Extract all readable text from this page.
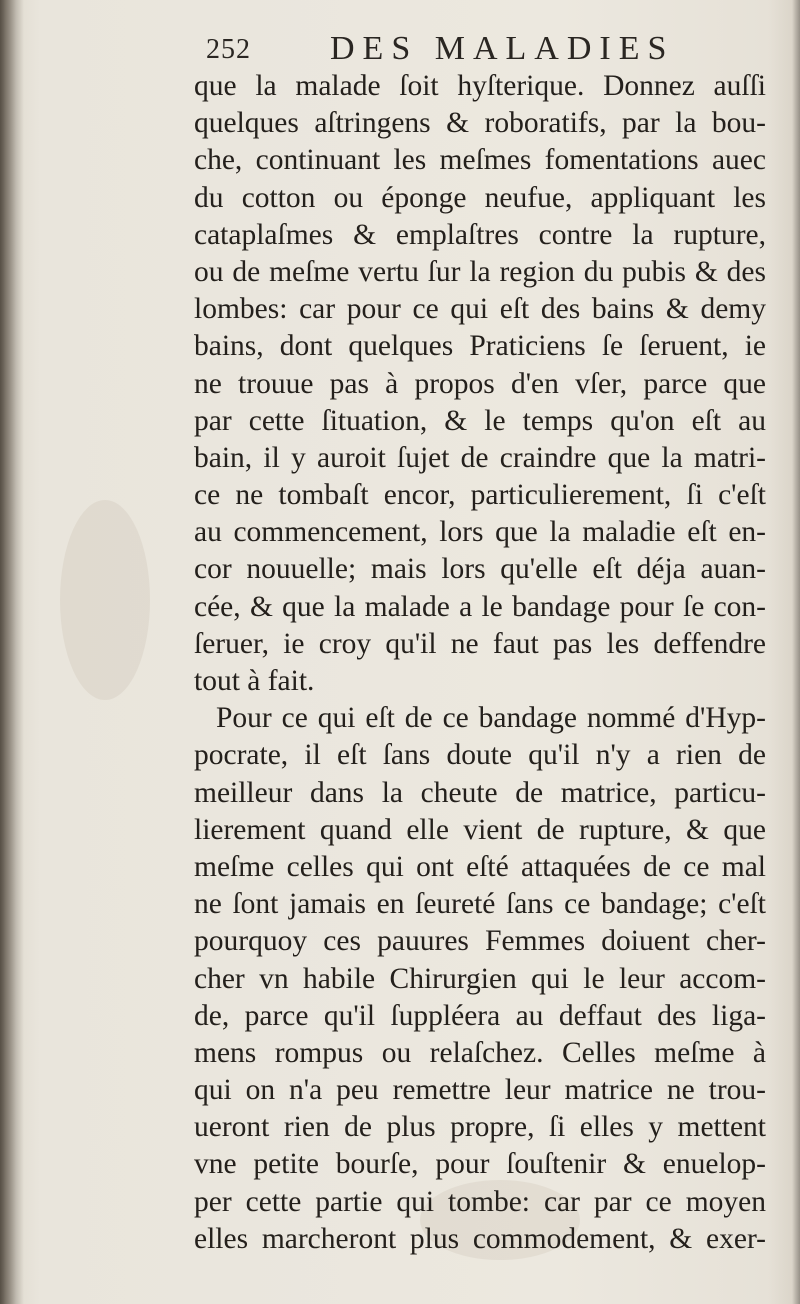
252 DES MALADIES
que la malade ſoit hyſterique. Donnez auſſi
quelques aſtringens & roboratifs, par la bou-
che, continuant les meſmes fomentations auec
du cotton ou éponge neufue, appliquant les
cataplaſmes & emplaſtres contre la rupture,
ou de meſme vertu ſur la region du pubis & des
lombes: car pour ce qui eſt des bains & demy
bains, dont quelques Praticiens ſe ſeruent, ie
ne trouue pas à propos d'en vſer, parce que
par cette ſituation, & le temps qu'on eſt au
bain, il y auroit ſujet de craindre que la matri-
ce ne tombaſt encor, particulierement, ſi c'eſt
au commencement, lors que la maladie eſt en-
cor nouuelle; mais lors qu'elle eſt déja auan-
cée, & que la malade a le bandage pour ſe con-
ſeruer, ie croy qu'il ne faut pas les deffendre
tout à fait.
Pour ce qui eſt de ce bandage nommé d'Hyp-
pocrate, il eſt ſans doute qu'il n'y a rien de
meilleur dans la cheute de matrice, particu-
lierement quand elle vient de rupture, & que
meſme celles qui ont eſté attaquées de ce mal
ne ſont jamais en ſeureté ſans ce bandage; c'eſt
pourquoy ces pauures Femmes doiuent cher-
cher vn habile Chirurgien qui le leur accom-
de, parce qu'il ſuppléera au deffaut des liga-
mens rompus ou relaſchez. Celles meſme à
qui on n'a peu remettre leur matrice ne trou-
ueront rien de plus propre, ſi elles y mettent
vne petite bourſe, pour ſouſtenir & enuelop-
per cette partie qui tombe: car par ce moyen
elles marcheront plus commodement, & exer-
